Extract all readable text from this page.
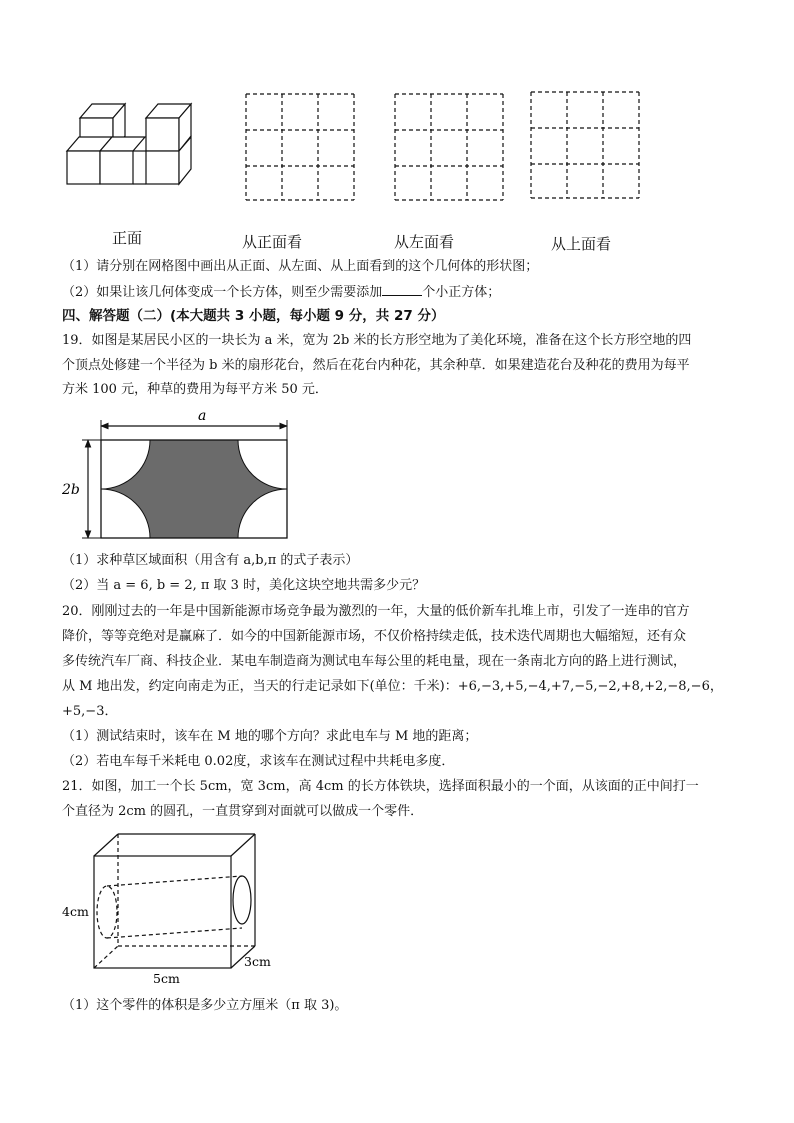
正面	从正面看	从左面看	从上面看
（1）请分别在网格图中画出从正面、从左面、从上面看到的这个几何体的形状图；
（2）如果让该几何体变成一个长方体，则至少需要添加	个小正方体；
四、解答题（二）(本大题共 3 小题，每小题 9 分，共 27 分）
19．如图是某居民小区的一块长为 a 米，宽为 2b 米的长方形空地为了美化环境，准备在这个长方形空地的四
个顶点处修建一个半径为 b 米的扇形花台，然后在花台内种花，其余种草．如果建造花台及种花的费用为每平
方米 100 元，种草的费用为每平方米 50 元．
a
2b
（1）求种草区域面积（用含有 a,b,π 的式子表示）
（2）当 a = 6, b = 2, π 取 3 时，美化这块空地共需多少元？
20．刚刚过去的一年是中国新能源市场竞争最为激烈的一年，大量的低价新车扎堆上市，引发了一连串的官方
降价，等等竞绝对是赢麻了．如今的中国新能源市场，不仅价格持续走低，技术迭代周期也大幅缩短，还有众
多传统汽车厂商、科技企业．某电车制造商为测试电车每公里的耗电量，现在一条南北方向的路上进行测试，
从 M 地出发，约定向南走为正，当天的行走记录如下(单位：千米)：+6,−3,+5,−4,+7,−5,−2,+8,+2,−8,−6，
+5,−3．
（1）测试结束时，该车在 M 地的哪个方向？求此电车与 M 地的距离；
（2）若电车每千米耗电 0.02度，求该车在测试过程中共耗电多度．
21．如图，加工一个长 5cm，宽 3cm，高 4cm 的长方体铁块，选择面积最小的一个面，从该面的正中间打一
个直径为 2cm 的圆孔，一直贯穿到对面就可以做成一个零件．
4cm
5cm
3cm
（1）这个零件的体积是多少立方厘米（π 取 3)。
